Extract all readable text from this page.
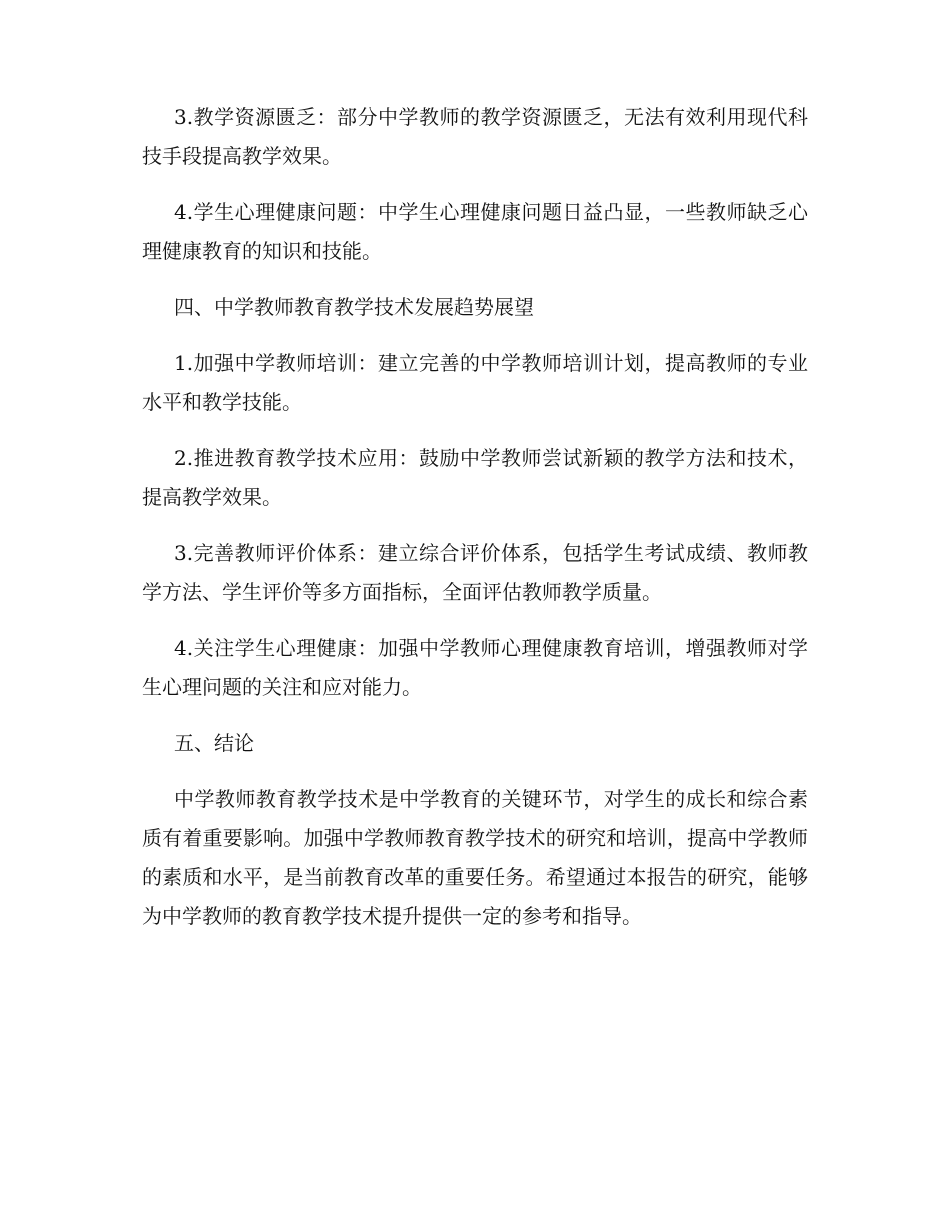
3.教学资源匮乏：部分中学教师的教学资源匮乏，无法有效利用现代科技手段提高教学效果。

4.学生心理健康问题：中学生心理健康问题日益凸显，一些教师缺乏心理健康教育的知识和技能。

四、中学教师教育教学技术发展趋势展望

1.加强中学教师培训：建立完善的中学教师培训计划，提高教师的专业水平和教学技能。

2.推进教育教学技术应用：鼓励中学教师尝试新颖的教学方法和技术，提高教学效果。

3.完善教师评价体系：建立综合评价体系，包括学生考试成绩、教师教学方法、学生评价等多方面指标，全面评估教师教学质量。

4.关注学生心理健康：加强中学教师心理健康教育培训，增强教师对学生心理问题的关注和应对能力。

五、结论

中学教师教育教学技术是中学教育的关键环节，对学生的成长和综合素质有着重要影响。加强中学教师教育教学技术的研究和培训，提高中学教师的素质和水平，是当前教育改革的重要任务。希望通过本报告的研究，能够为中学教师的教育教学技术提升提供一定的参考和指导。
